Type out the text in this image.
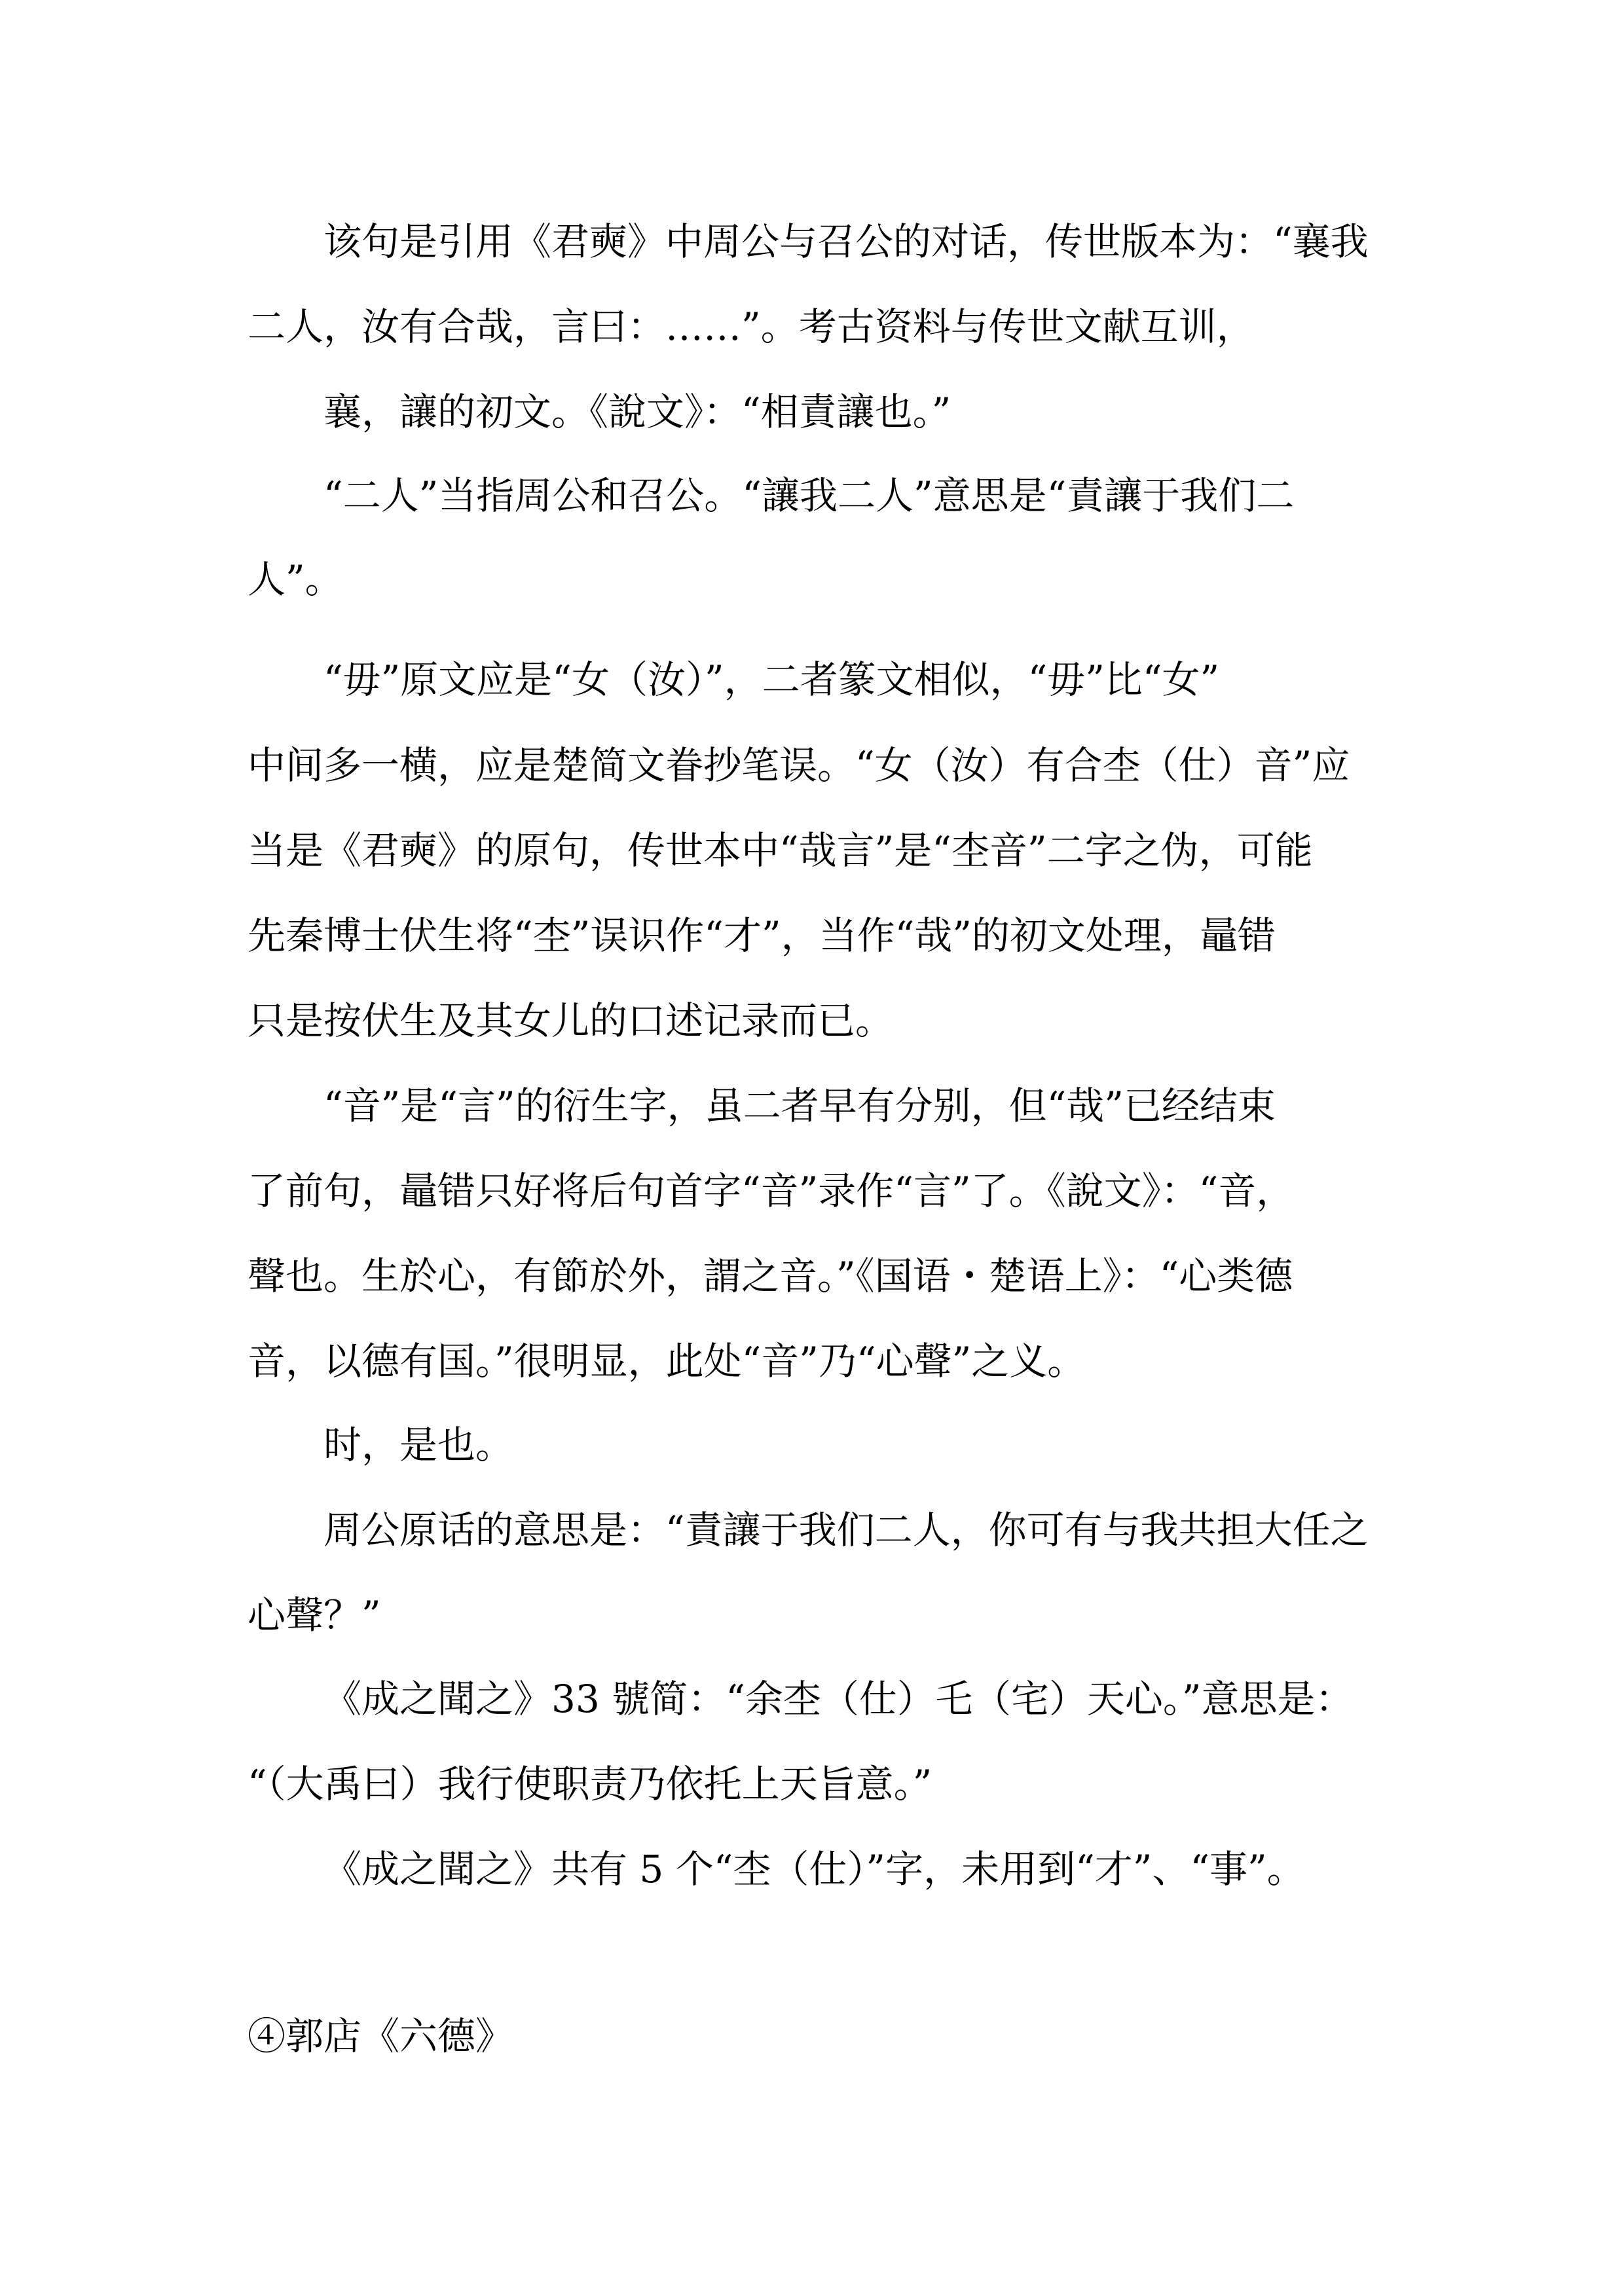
该句是引用《君奭》中周公与召公的对话，传世版本为：“襄我
二人，汝有合哉，言曰：……”。考古资料与传世文献互训，
襄，讓的初文。《說文》：“相責讓也。”
“二人”当指周公和召公。“讓我二人”意思是“責讓于我们二
人”。
“毋”原文应是“女（汝）”，二者篆文相似，“毋”比“女”
中间多一横，应是楚简文眷抄笔误。“女（汝）有合杢（仕）音”应
当是《君奭》的原句，传世本中“哉言”是“杢音”二字之伪，可能
先秦博士伏生将“杢”误识作“才”，当作“哉”的初文处理，鼂错
只是按伏生及其女儿的口述记录而已。
“音”是“言”的衍生字，虽二者早有分别，但“哉”已经结束
了前句，鼂错只好将后句首字“音”录作“言”了。《說文》：“音，
聲也。生於心，有節於外，謂之音。”《国语・楚语上》：“心类德
音，以德有国。”很明显，此处“音”乃“心聲”之义。
时，是也。
周公原话的意思是：“責讓于我们二人，你可有与我共担大任之
心聲？”
《成之聞之》33 號简：“余杢（仕）乇（宅）天心。”意思是：
“（大禹曰）我行使职责乃依托上天旨意。”
《成之聞之》共有 5 个“杢（仕）”字，未用到“才”、“事”。
④郭店《六德》
